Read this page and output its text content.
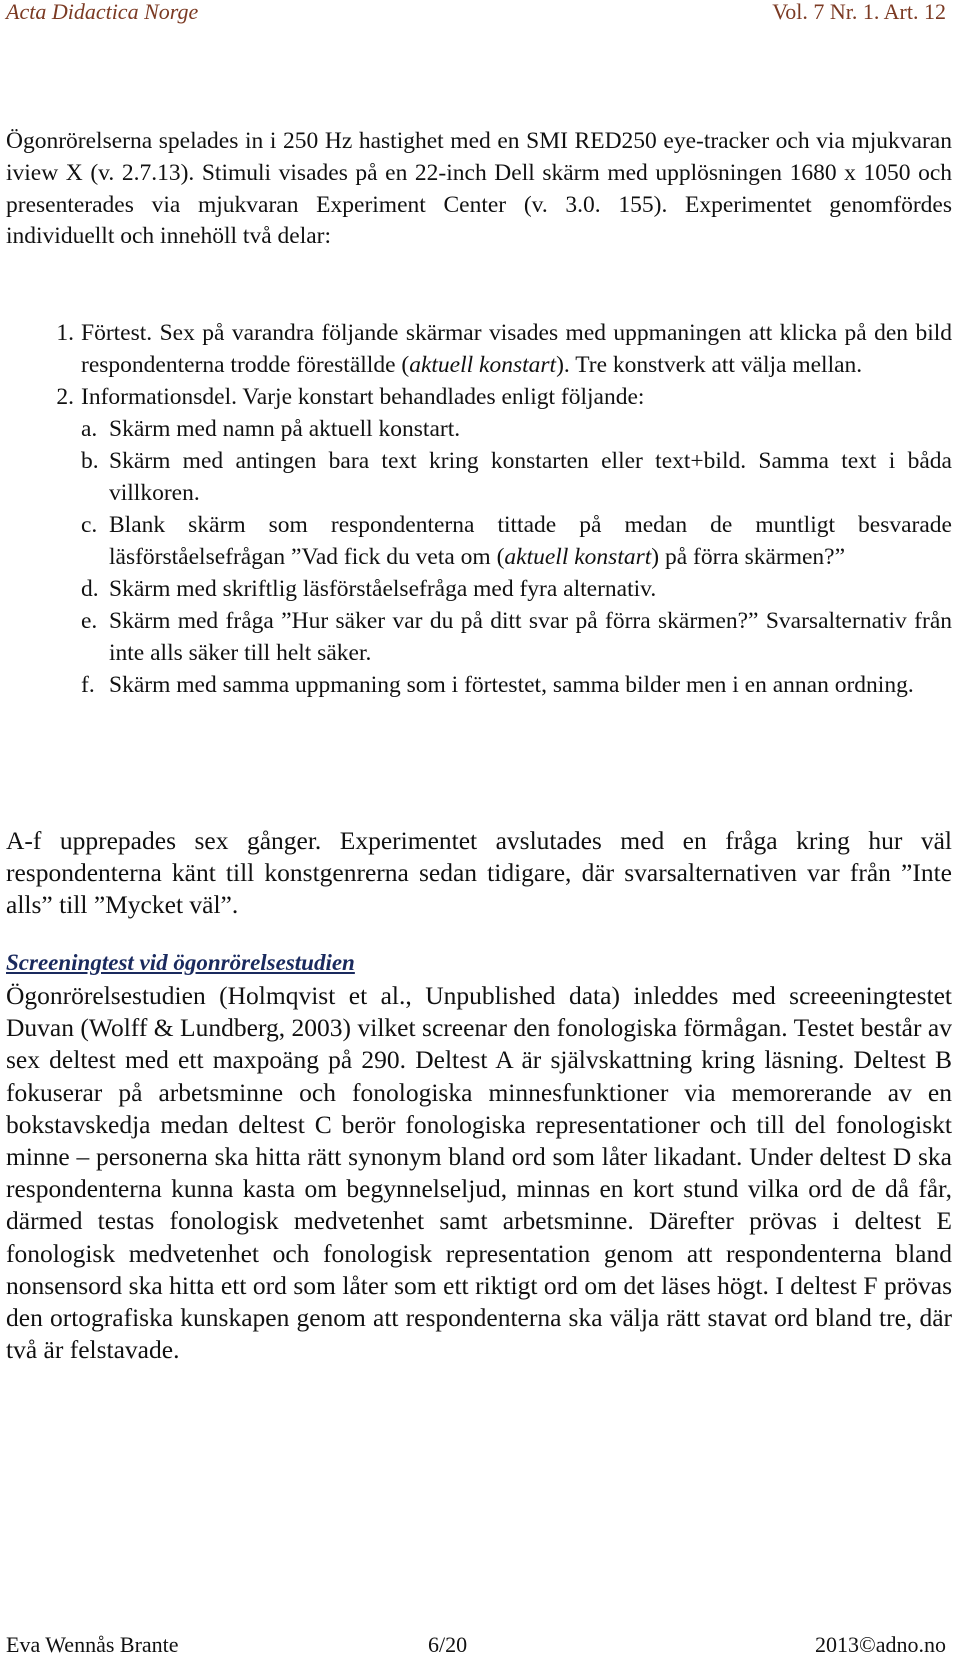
Acta Didactica Norge	Vol. 7 Nr. 1. Art. 12

Ögonrörelserna spelades in i 250 Hz hastighet med en SMI RED250 eye-tracker och via mjukvaran iview X (v. 2.7.13). Stimuli visades på en 22-inch Dell skärm med upplösningen 1680 x 1050 och presenterades via mjukvaran Experiment Center (v. 3.0. 155). Experimentet genomfördes individuellt och innehöll två delar:

1. Förtest. Sex på varandra följande skärmar visades med uppmaningen att klicka på den bild respondenterna trodde föreställde (aktuell konstart). Tre konstverk att välja mellan.
2. Informationsdel. Varje konstart behandlades enligt följande:
a. Skärm med namn på aktuell konstart.
b. Skärm med antingen bara text kring konstarten eller text+bild. Samma text i båda villkoren.
c. Blank skärm som respondenterna tittade på medan de muntligt besvarade läsförståelsefrågan ”Vad fick du veta om (aktuell konstart) på förra skärmen?”
d. Skärm med skriftlig läsförståelsefråga med fyra alternativ.
e. Skärm med fråga ”Hur säker var du på ditt svar på förra skärmen?” Svarsalternativ från inte alls säker till helt säker.
f. Skärm med samma uppmaning som i förtestet, samma bilder men i en annan ordning.

A-f upprepades sex gånger. Experimentet avslutades med en fråga kring hur väl respondenterna känt till konstgenrerna sedan tidigare, där svarsalternativen var från ”Inte alls” till ”Mycket väl”.

Screeningtest vid ögonrörelsestudien

Ögonrörelsestudien (Holmqvist et al., Unpublished data) inleddes med screeeningtestet Duvan (Wolff & Lundberg, 2003) vilket screenar den fonologiska förmågan. Testet består av sex deltest med ett maxpoäng på 290. Deltest A är självskattning kring läsning. Deltest B fokuserar på arbetsminne och fonologiska minnesfunktioner via memorerande av en bokstavskedja medan deltest C berör fonologiska representationer och till del fonologiskt minne – personerna ska hitta rätt synonym bland ord som låter likadant. Under deltest D ska respondenterna kunna kasta om begynnelseljud, minnas en kort stund vilka ord de då får, därmed testas fonologisk medvetenhet samt arbetsminne. Därefter prövas i deltest E fonologisk medvetenhet och fonologisk representation genom att respondenterna bland nonsensord ska hitta ett ord som låter som ett riktigt ord om det läses högt. I deltest F prövas den ortografiska kunskapen genom att respondenterna ska välja rätt stavat ord bland tre, där två är felstavade.

Eva Wennås Brante	6/20	2013©adno.no
